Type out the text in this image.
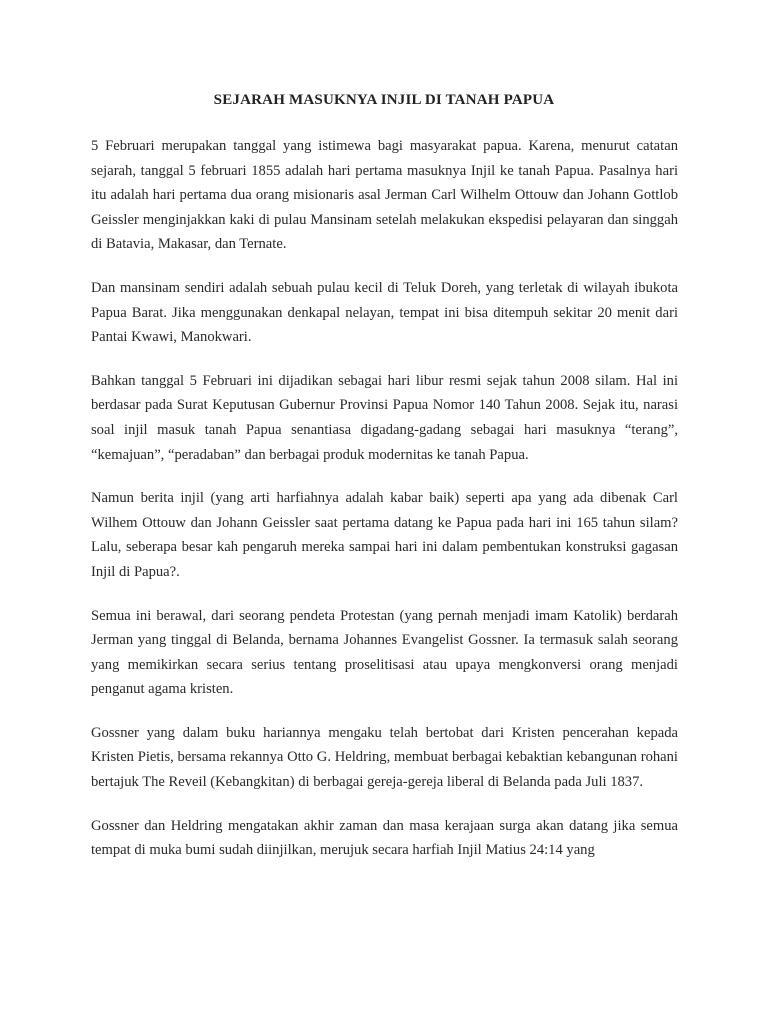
SEJARAH MASUKNYA INJIL DI TANAH PAPUA

5 Februari merupakan tanggal yang istimewa bagi masyarakat papua. Karena, menurut catatan sejarah, tanggal 5 februari 1855 adalah hari pertama masuknya Injil ke tanah Papua. Pasalnya hari itu adalah hari pertama dua orang misionaris asal Jerman Carl Wilhelm Ottouw dan Johann Gottlob Geissler menginjakkan kaki di pulau Mansinam setelah melakukan ekspedisi pelayaran dan singgah di Batavia, Makasar, dan Ternate.

Dan mansinam sendiri adalah sebuah pulau kecil di Teluk Doreh, yang terletak di wilayah ibukota Papua Barat. Jika menggunakan denkapal nelayan, tempat ini bisa ditempuh sekitar 20 menit dari Pantai Kwawi, Manokwari.

Bahkan tanggal 5 Februari ini dijadikan sebagai hari libur resmi sejak tahun 2008 silam. Hal ini berdasar pada Surat Keputusan Gubernur Provinsi Papua Nomor 140 Tahun 2008. Sejak itu, narasi soal injil masuk tanah Papua senantiasa digadang-gadang sebagai hari masuknya “terang”, “kemajuan”, “peradaban” dan berbagai produk modernitas ke tanah Papua.

Namun berita injil (yang arti harfiahnya adalah kabar baik) seperti apa yang ada dibenak Carl Wilhem Ottouw dan Johann Geissler saat pertama datang ke Papua pada hari ini 165 tahun silam? Lalu, seberapa besar kah pengaruh mereka sampai hari ini dalam pembentukan konstruksi gagasan Injil di Papua?.

Semua ini berawal, dari seorang pendeta Protestan (yang pernah menjadi imam Katolik) berdarah Jerman yang tinggal di Belanda, bernama Johannes Evangelist Gossner. Ia termasuk salah seorang yang memikirkan secara serius tentang proselitisasi atau upaya mengkonversi orang menjadi penganut agama kristen.

Gossner yang dalam buku hariannya mengaku telah bertobat dari Kristen pencerahan kepada Kristen Pietis, bersama rekannya Otto G. Heldring, membuat berbagai kebaktian kebangunan rohani bertajuk The Reveil (Kebangkitan) di berbagai gereja-gereja liberal di Belanda pada Juli 1837.

Gossner dan Heldring mengatakan akhir zaman dan masa kerajaan surga akan datang jika semua tempat di muka bumi sudah diinjilkan, merujuk secara harfiah Injil Matius 24:14 yang
